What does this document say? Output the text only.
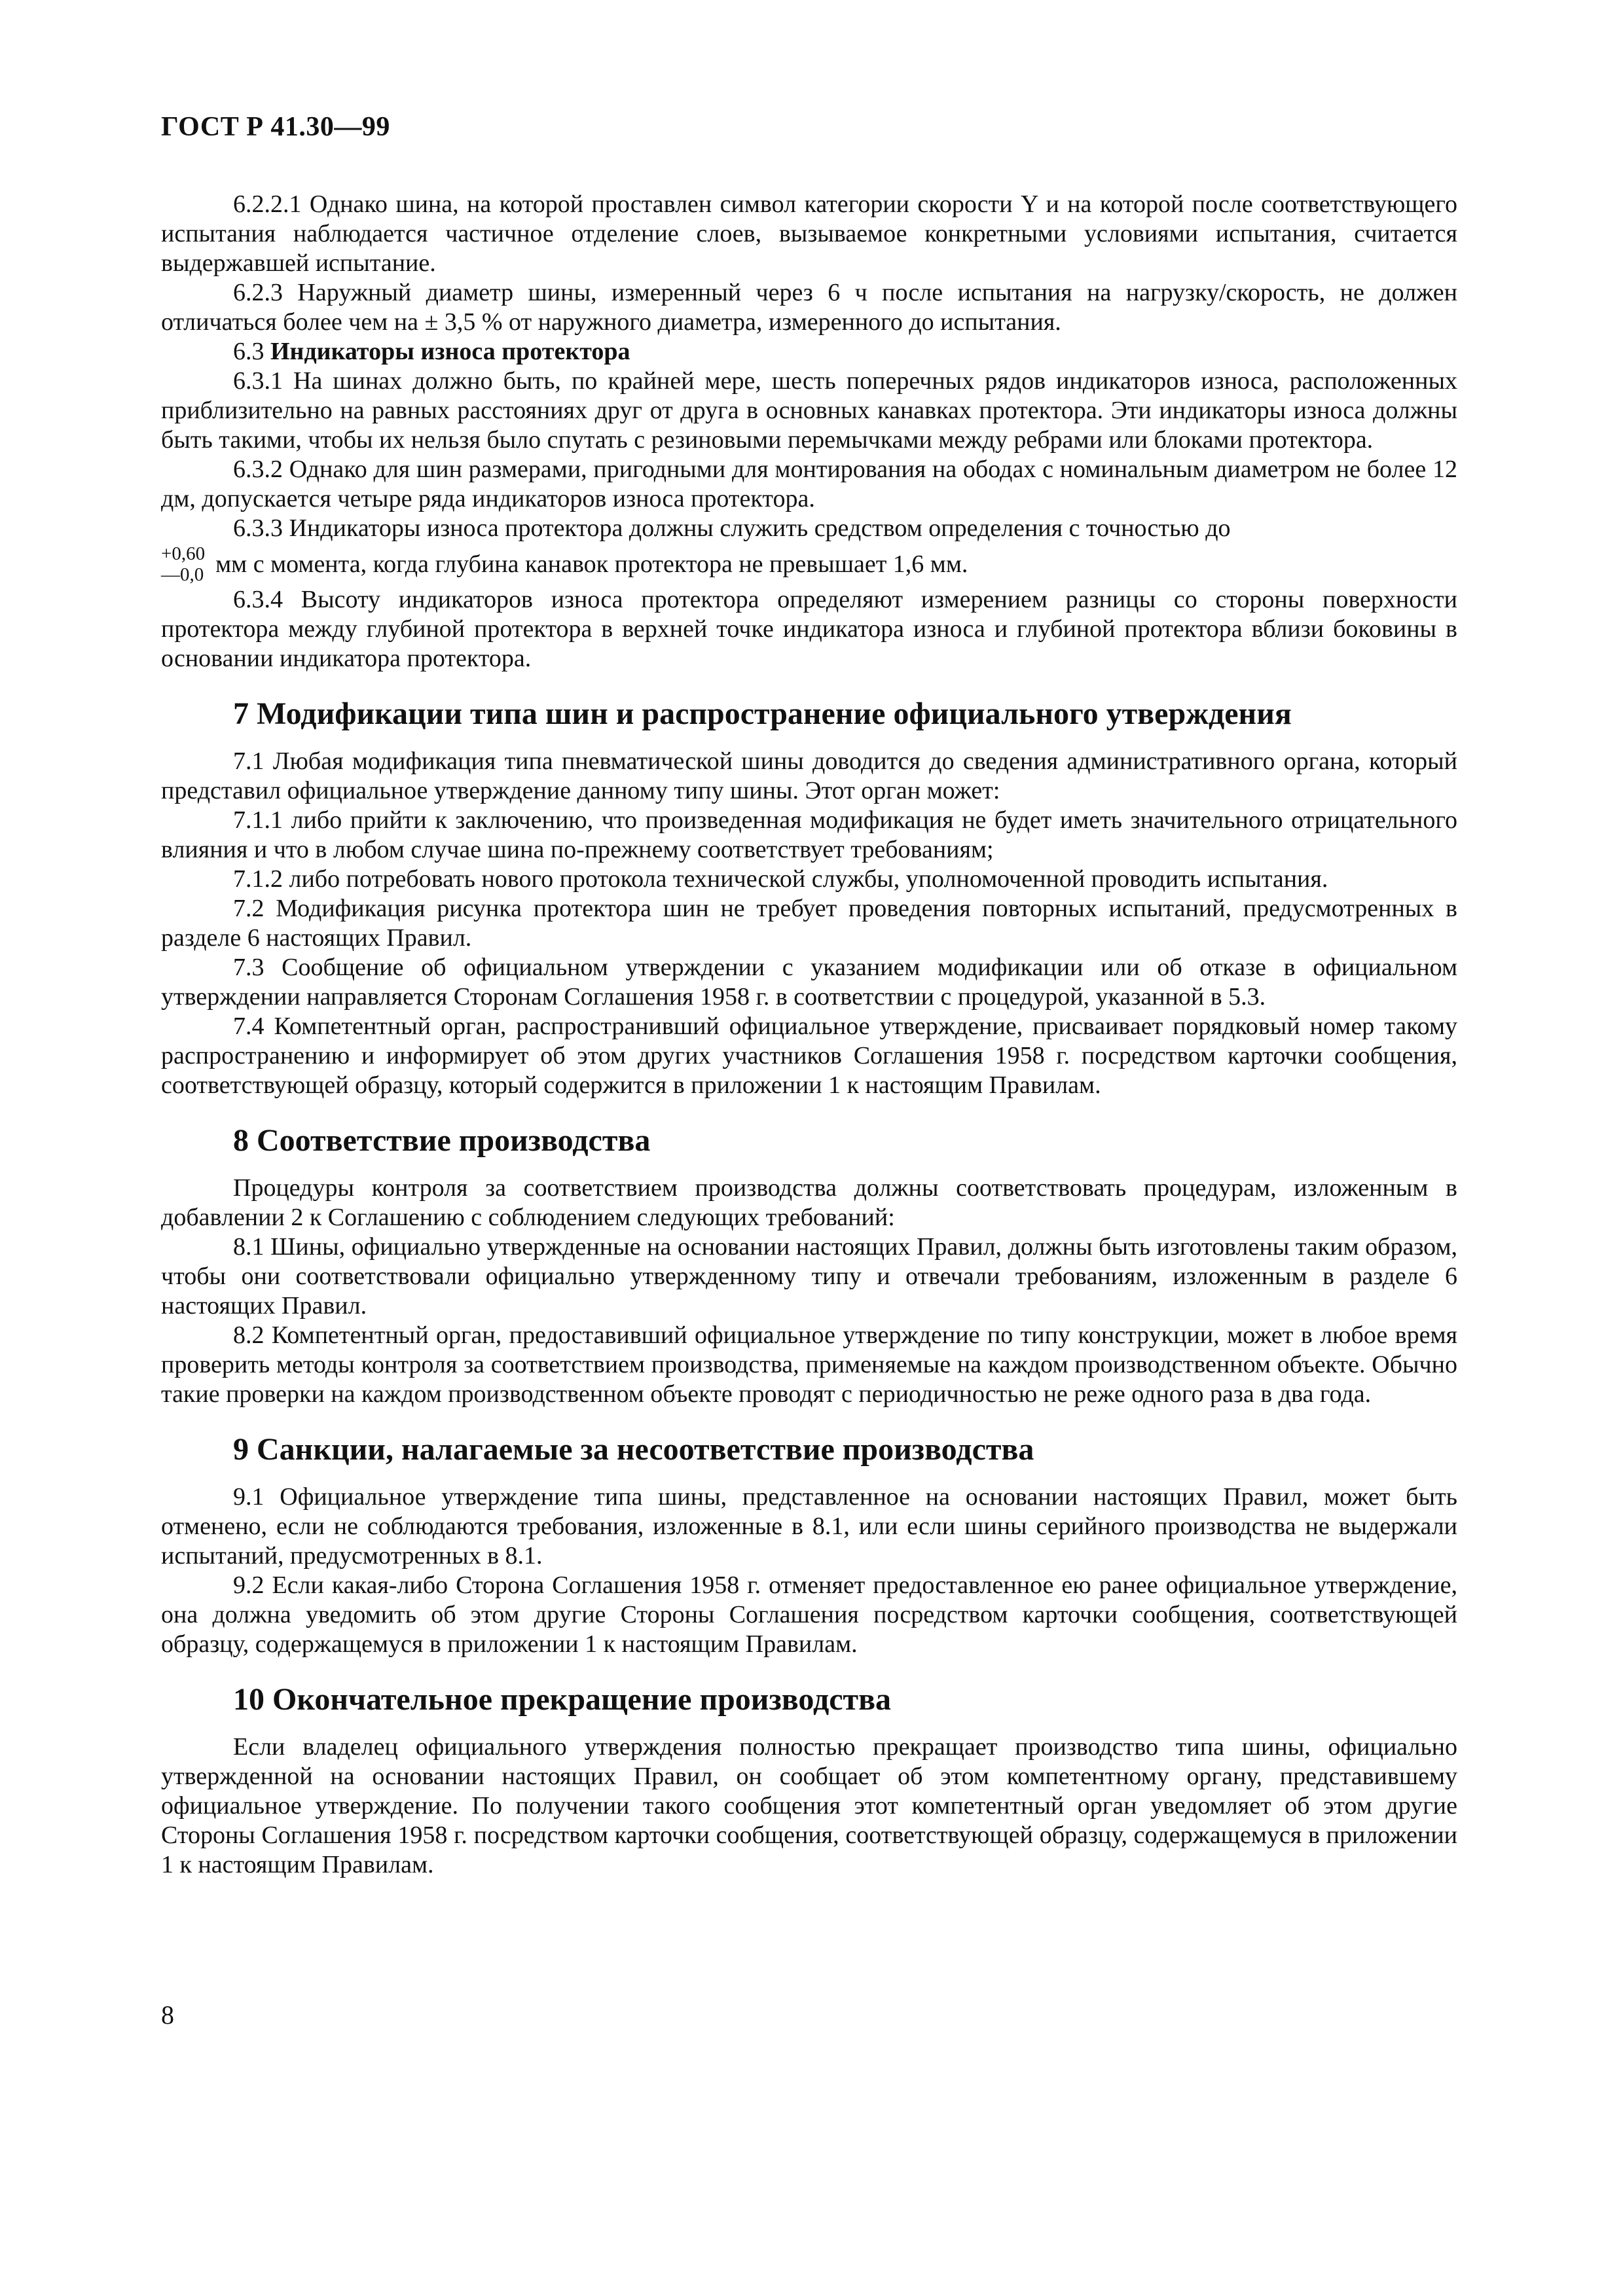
ГОСТ Р 41.30—99

6.2.2.1 Однако шина, на которой проставлен символ категории скорости Y и на которой после соответствующего испытания наблюдается частичное отделение слоев, вызываемое конкретными условиями испытания, считается выдержавшей испытание.

6.2.3 Наружный диаметр шины, измеренный через 6 ч после испытания на нагрузку/скорость, не должен отличаться более чем на ± 3,5 % от наружного диаметра, измеренного до испытания.

6.3 Индикаторы износа протектора

6.3.1 На шинах должно быть, по крайней мере, шесть поперечных рядов индикаторов износа, расположенных приблизительно на равных расстояниях друг от друга в основных канавках протектора. Эти индикаторы износа должны быть такими, чтобы их нельзя было спутать с резиновыми перемычками между ребрами или блоками протектора.

6.3.2 Однако для шин размерами, пригодными для монтирования на ободах с номинальным диаметром не более 12 дм, допускается четыре ряда индикаторов износа протектора.

6.3.3 Индикаторы износа протектора должны служить средством определения с точностью до

+0,60
—0,0 мм с момента, когда глубина канавок протектора не превышает 1,6 мм.

6.3.4 Высоту индикаторов износа протектора определяют измерением разницы со стороны поверхности протектора между глубиной протектора в верхней точке индикатора износа и глубиной протектора вблизи боковины в основании индикатора протектора.

7 Модификации типа шин и распространение официального утверждения

7.1 Любая модификация типа пневматической шины доводится до сведения административного органа, который представил официальное утверждение данному типу шины. Этот орган может:

7.1.1 либо прийти к заключению, что произведенная модификация не будет иметь значительного отрицательного влияния и что в любом случае шина по-прежнему соответствует требованиям;

7.1.2 либо потребовать нового протокола технической службы, уполномоченной проводить испытания.

7.2 Модификация рисунка протектора шин не требует проведения повторных испытаний, предусмотренных в разделе 6 настоящих Правил.

7.3 Сообщение об официальном утверждении с указанием модификации или об отказе в официальном утверждении направляется Сторонам Соглашения 1958 г. в соответствии с процедурой, указанной в 5.3.

7.4 Компетентный орган, распространивший официальное утверждение, присваивает порядковый номер такому распространению и информирует об этом других участников Соглашения 1958 г. посредством карточки сообщения, соответствующей образцу, который содержится в приложении 1 к настоящим Правилам.

8 Соответствие производства

Процедуры контроля за соответствием производства должны соответствовать процедурам, изложенным в добавлении 2 к Соглашению с соблюдением следующих требований:

8.1 Шины, официально утвержденные на основании настоящих Правил, должны быть изготовлены таким образом, чтобы они соответствовали официально утвержденному типу и отвечали требованиям, изложенным в разделе 6 настоящих Правил.

8.2 Компетентный орган, предоставивший официальное утверждение по типу конструкции, может в любое время проверить методы контроля за соответствием производства, применяемые на каждом производственном объекте. Обычно такие проверки на каждом производственном объекте проводят с периодичностью не реже одного раза в два года.

9 Санкции, налагаемые за несоответствие производства

9.1 Официальное утверждение типа шины, представленное на основании настоящих Правил, может быть отменено, если не соблюдаются требования, изложенные в 8.1, или если шины серийного производства не выдержали испытаний, предусмотренных в 8.1.

9.2 Если какая-либо Сторона Соглашения 1958 г. отменяет предоставленное ею ранее официальное утверждение, она должна уведомить об этом другие Стороны Соглашения посредством карточки сообщения, соответствующей образцу, содержащемуся в приложении 1 к настоящим Правилам.

10 Окончательное прекращение производства

Если владелец официального утверждения полностью прекращает производство типа шины, официально утвержденной на основании настоящих Правил, он сообщает об этом компетентному органу, представившему официальное утверждение. По получении такого сообщения этот компетентный орган уведомляет об этом другие Стороны Соглашения 1958 г. посредством карточки сообщения, соответствующей образцу, содержащемуся в приложении 1 к настоящим Правилам.

8
